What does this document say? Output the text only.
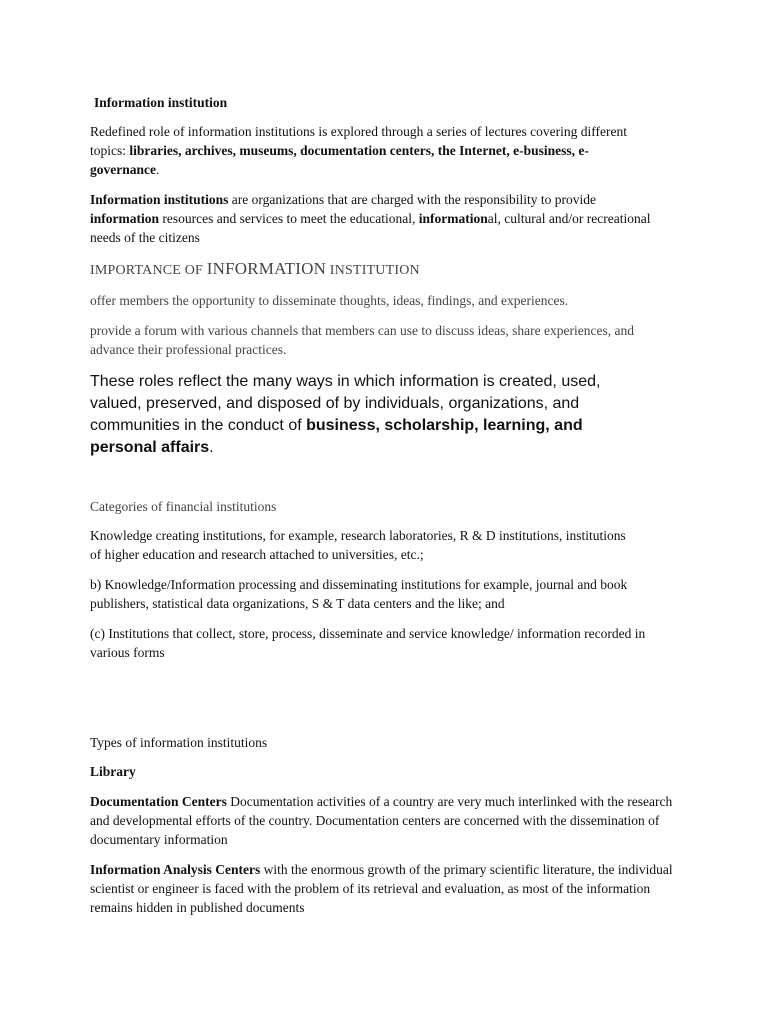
Information institution

Redefined role of information institutions is explored through a series of lectures covering different topics: libraries, archives, museums, documentation centers, the Internet, e-business, e-governance.

Information institutions are organizations that are charged with the responsibility to provide information resources and services to meet the educational, informational, cultural and/or recreational needs of the citizens

IMPORTANCE OF INFORMATION INSTITUTION

offer members the opportunity to disseminate thoughts, ideas, findings, and experiences.

provide a forum with various channels that members can use to discuss ideas, share experiences, and advance their professional practices.

These roles reflect the many ways in which information is created, used, valued, preserved, and disposed of by individuals, organizations, and communities in the conduct of business, scholarship, learning, and personal affairs.

Categories of financial institutions

Knowledge creating institutions, for example, research laboratories, R & D institutions, institutions of higher education and research attached to universities, etc.;

b) Knowledge/Information processing and disseminating institutions for example, journal and book publishers, statistical data organizations, S & T data centers and the like; and

(c) Institutions that collect, store, process, disseminate and service knowledge/ information recorded in various forms

Types of information institutions

Library

Documentation Centers Documentation activities of a country are very much interlinked with the research and developmental efforts of the country. Documentation centers are concerned with the dissemination of documentary information

Information Analysis Centers with the enormous growth of the primary scientific literature, the individual scientist or engineer is faced with the problem of its retrieval and evaluation, as most of the information remains hidden in published documents
